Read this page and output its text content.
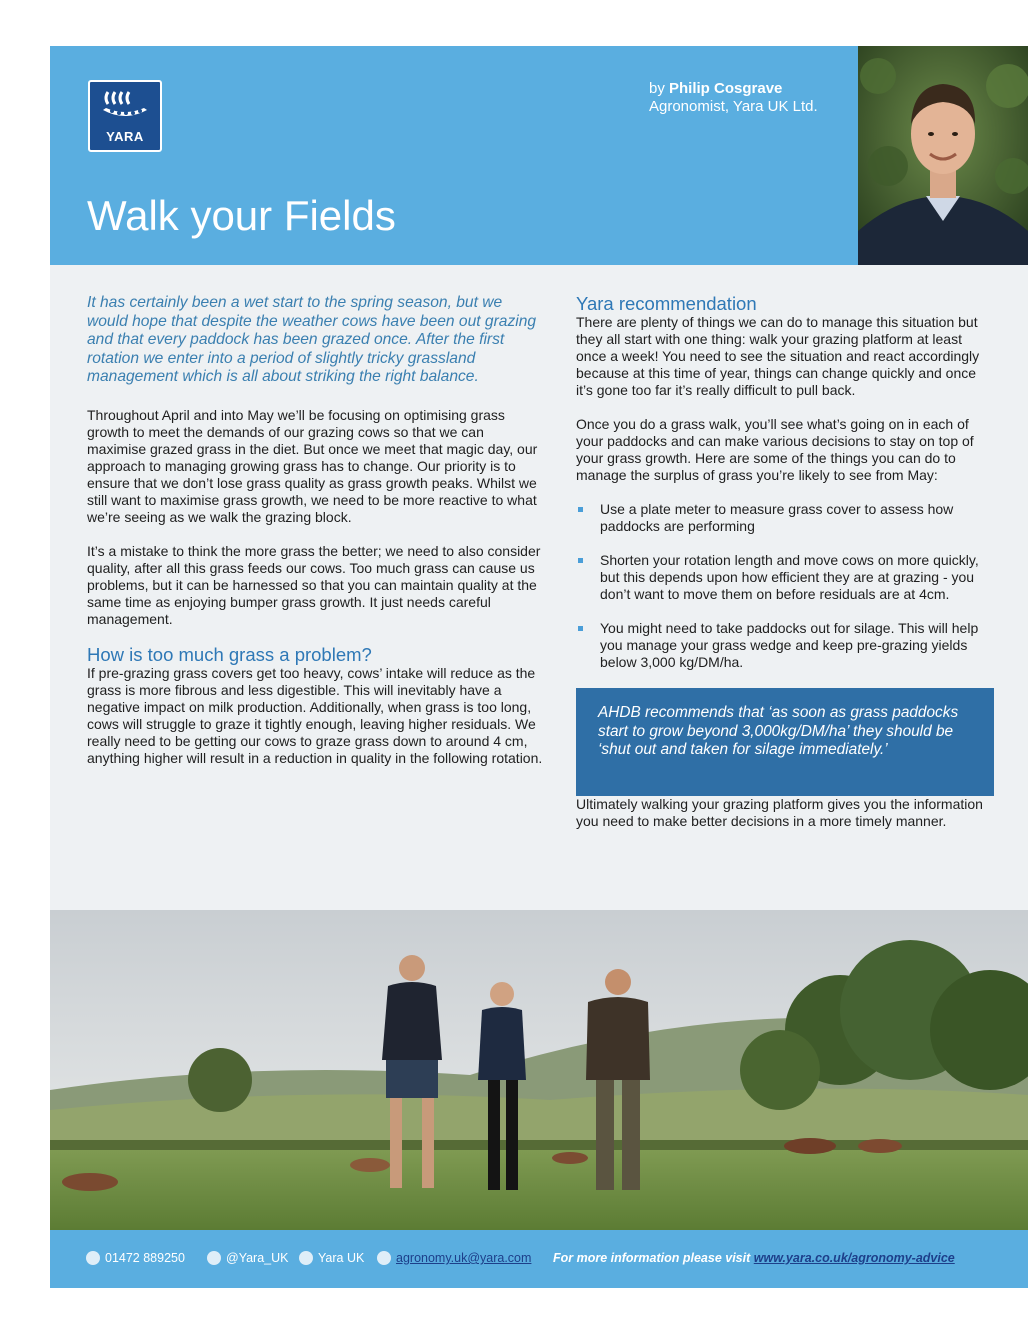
YARA
Walk your Fields
by Philip Cosgrave
Agronomist, Yara UK Ltd.

It has certainly been a wet start to the spring season, but we would hope that despite the weather cows have been out grazing and that every paddock has been grazed once. After the first rotation we enter into a period of slightly tricky grassland management which is all about striking the right balance.

Throughout April and into May we’ll be focusing on optimising grass growth to meet the demands of our grazing cows so that we can maximise grazed grass in the diet. But once we meet that magic day, our approach to managing growing grass has to change. Our priority is to ensure that we don’t lose grass quality as grass growth peaks. Whilst we still want to maximise grass growth, we need to be more reactive to what we’re seeing as we walk the grazing block.

It’s a mistake to think the more grass the better; we need to also consider quality, after all this grass feeds our cows. Too much grass can cause us problems, but it can be harnessed so that you can maintain quality at the same time as enjoying bumper grass growth. It just needs careful management.

How is too much grass a problem?

If pre-grazing grass covers get too heavy, cows’ intake will reduce as the grass is more fibrous and less digestible. This will inevitably have a negative impact on milk production. Additionally, when grass is too long, cows will struggle to graze it tightly enough, leaving higher residuals. We really need to be getting our cows to graze grass down to around 4 cm, anything higher will result in a reduction in quality in the following rotation.

Yara recommendation

There are plenty of things we can do to manage this situation but they all start with one thing: walk your grazing platform at least once a week! You need to see the situation and react accordingly because at this time of year, things can change quickly and once it’s gone too far it’s really difficult to pull back.

Once you do a grass walk, you’ll see what’s going on in each of your paddocks and can make various decisions to stay on top of your grass growth. Here are some of the things you can do to manage the surplus of grass you’re likely to see from May:

Use a plate meter to measure grass cover to assess how paddocks are performing
Shorten your rotation length and move cows on more quickly, but this depends upon how efficient they are at grazing - you don’t want to move them on before residuals are at 4cm.
You might need to take paddocks out for silage. This will help you manage your grass wedge and keep pre-grazing yields below 3,000 kg/DM/ha.

AHDB recommends that ‘as soon as grass paddocks start to grow beyond 3,000kg/DM/ha’ they should be ‘shut out and taken for silage immediately.’

Ultimately walking your grazing platform gives you the information you need to make better decisions in a more timely manner.

01472 889250	@Yara_UK Yara UK	agronomy.uk@yara.com For more information please visit
www.yara.co.uk/agronomy-advice
